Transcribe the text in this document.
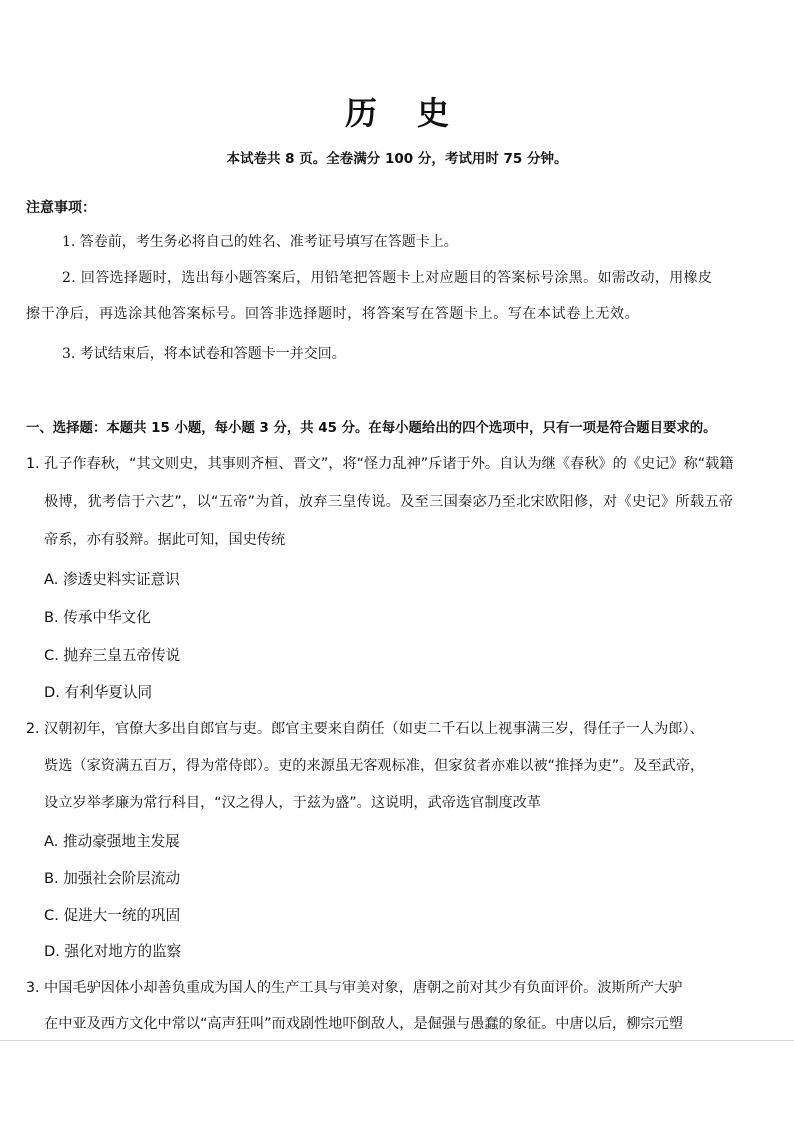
历史
本试卷共 8 页。全卷满分 100 分，考试用时 75 分钟。
注意事项：
1. 答卷前，考生务必将自己的姓名、准考证号填写在答题卡上。
2. 回答选择题时，选出每小题答案后，用铅笔把答题卡上对应题目的答案标号涂黑。如需改动，用橡皮
擦干净后，再选涂其他答案标号。回答非选择题时，将答案写在答题卡上。写在本试卷上无效。
3. 考试结束后，将本试卷和答题卡一并交回。
一、选择题：本题共 15 小题，每小题 3 分，共 45 分。在每小题给出的四个选项中，只有一项是符合题目要求的。
1. 孔子作春秋，“其文则史，其事则齐桓、晋文”，将“怪力乱神”斥诸于外。自认为继《春秋》的《史记》称“载籍
极博，犹考信于六艺”，以“五帝”为首，放弃三皇传说。及至三国秦宓乃至北宋欧阳修，对《史记》所载五帝
帝系，亦有驳辩。据此可知，国史传统
A. 渗透史料实证意识
B. 传承中华文化
C. 抛弃三皇五帝传说
D. 有利华夏认同
2. 汉朝初年，官僚大多出自郎官与吏。郎官主要来自荫任（如吏二千石以上视事满三岁，得任子一人为郎）、
赀选（家资满五百万，得为常侍郎）。吏的来源虽无客观标准，但家贫者亦难以被“推择为吏”。及至武帝，
设立岁举孝廉为常行科目，“汉之得人，于兹为盛”。这说明，武帝选官制度改革
A. 推动豪强地主发展
B. 加强社会阶层流动
C. 促进大一统的巩固
D. 强化对地方的监察
3. 中国毛驴因体小却善负重成为国人的生产工具与审美对象，唐朝之前对其少有负面评价。波斯所产大驴
在中亚及西方文化中常以“高声狂叫”而戏剧性地吓倒敌人，是倔强与愚蠢的象征。中唐以后，柳宗元塑
